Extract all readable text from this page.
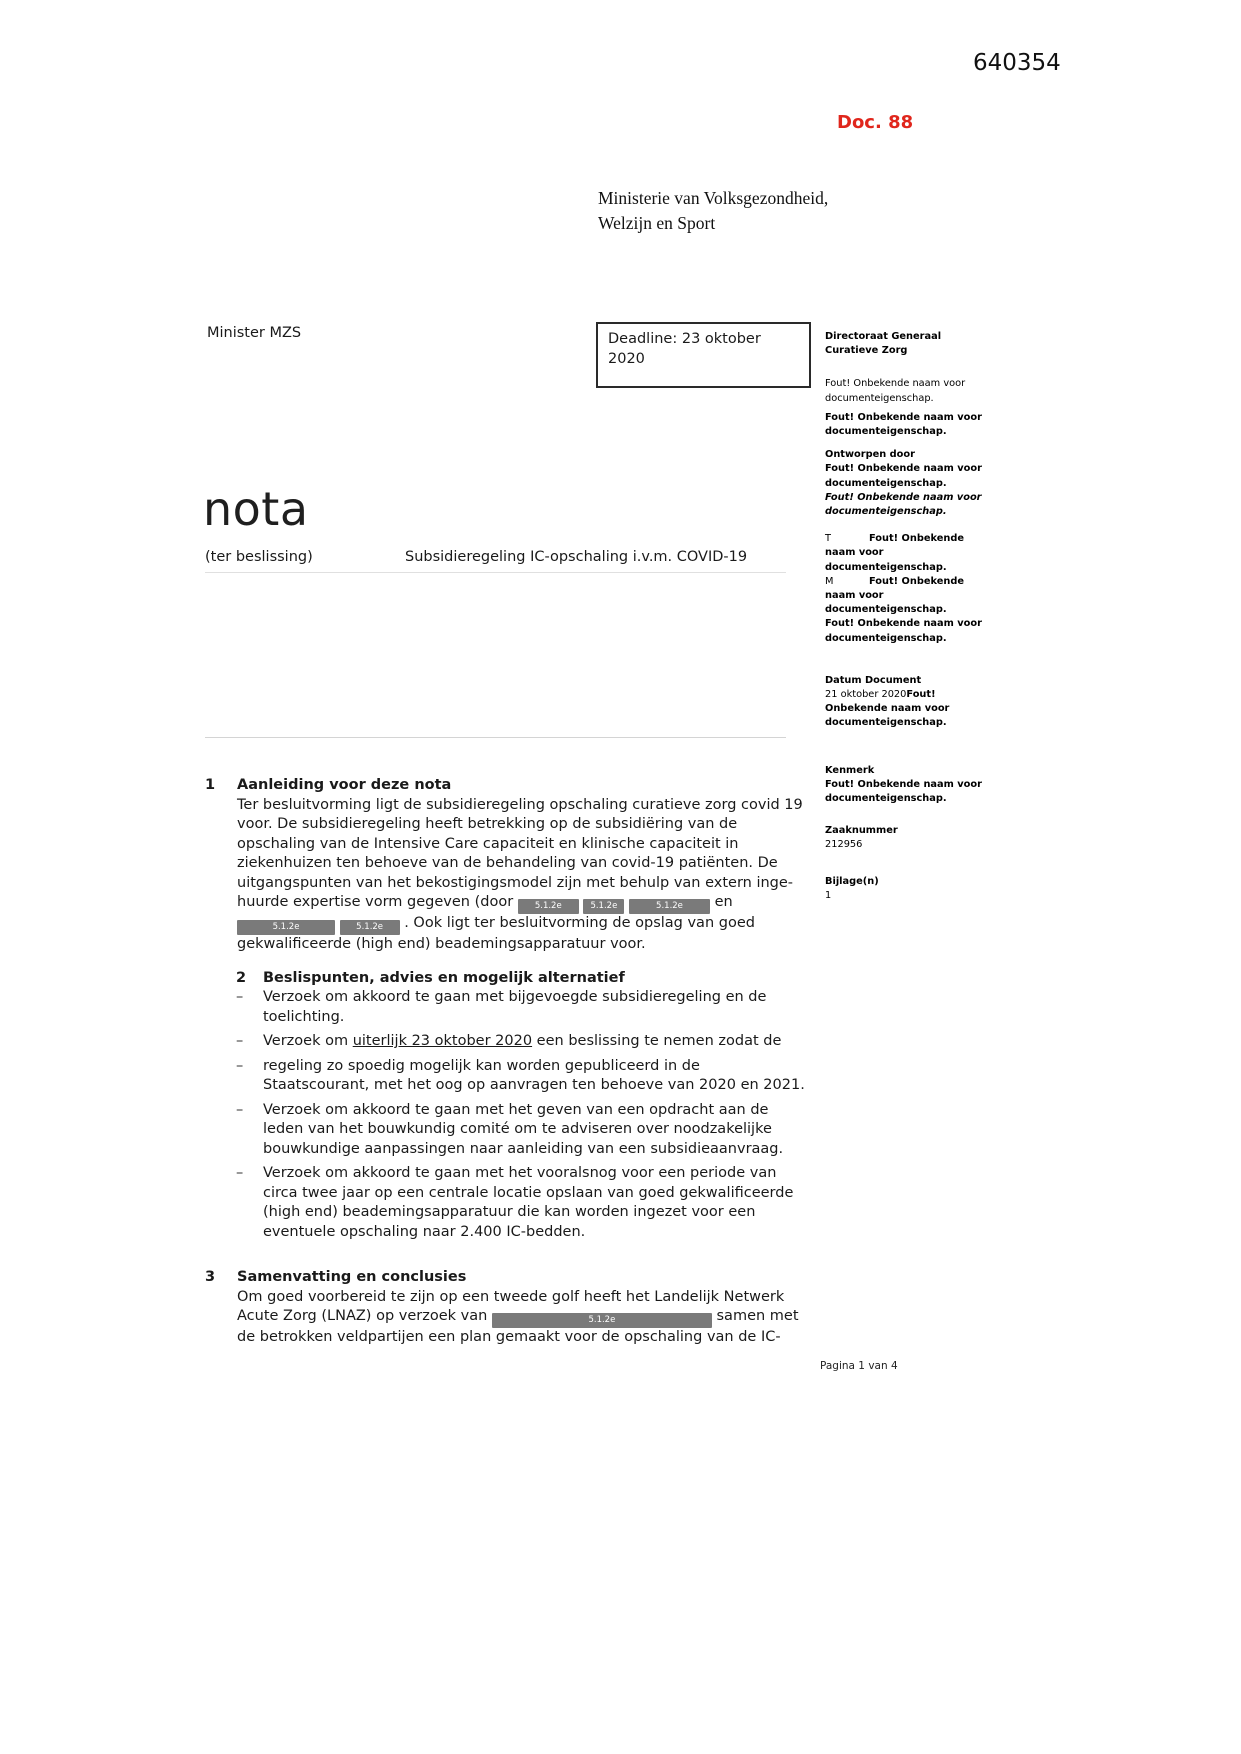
640354
Doc. 88
Ministerie van Volksgezondheid,
Welzijn en Sport
Minister MZS	Deadline: 23 oktober 2020

Directoraat Generaal Curatieve Zorg

Fout! Onbekende naam voor documenteigenschap.

Fout! Onbekende naam voor documenteigenschap.

Ontworpen door

Fout! Onbekende naam voor documenteigenschap.

Fout! Onbekende naam voor documenteigenschap.

T	Fout! Onbekende naam voor documenteigenschap.

M	Fout! Onbekende naam voor documenteigenschap.

Fout! Onbekende naam voor documenteigenschap.

Datum Document

21 oktober 2020Fout! Onbekende naam voor documenteigenschap.

Kenmerk

Fout! Onbekende naam voor documenteigenschap.

Zaaknummer

212956

Bijlage(n)

1

nota
(ter beslissing)	Subsidieregeling IC-opschaling i.v.m. COVID-19
1 Aanleiding voor deze nota

Ter besluitvorming ligt de subsidieregeling opschaling curatieve zorg covid 19 voor. De subsidieregeling heeft betrekking op de subsidiëring van de opschaling van de Intensive Care capaciteit en klinische capaciteit in ziekenhuizen ten behoeve van de behandeling van covid-19 patiënten. De uitgangspunten van het bekostigingsmodel zijn met behulp van extern inge-huurde expertise vorm gegeven (door 5.1.2e	5.1.2e	5.1.2e en 5.1.2e	5.1.2e . Ook ligt ter besluitvorming de opslag van goed gekwalificeerde (high end) beademingsapparatuur voor.

2 Beslispunten, advies en mogelijk alternatief
– Verzoek om akkoord te gaan met bijgevoegde subsidieregeling en de toelichting.
– Verzoek om uiterlijk 23 oktober 2020 een beslissing te nemen zodat de
– regeling zo spoedig mogelijk kan worden gepubliceerd in de Staatscourant, met het oog op aanvragen ten behoeve van 2020 en 2021.
– Verzoek om akkoord te gaan met het geven van een opdracht aan de leden van het bouwkundig comité om te adviseren over noodzakelijke bouwkundige aanpassingen naar aanleiding van een subsidieaanvraag.
– Verzoek om akkoord te gaan met het vooralsnog voor een periode van circa twee jaar op een centrale locatie opslaan van goed gekwalificeerde (high end) beademingsapparatuur die kan worden ingezet voor een eventuele opschaling naar 2.400 IC-bedden.
3 Samenvatting en conclusies

Om goed voorbereid te zijn op een tweede golf heeft het Landelijk Netwerk Acute Zorg (LNAZ) op verzoek van	5.1.2e	samen met de betrokken veldpartijen een plan gemaakt voor de opschaling van de IC-

Pagina 1 van 4
